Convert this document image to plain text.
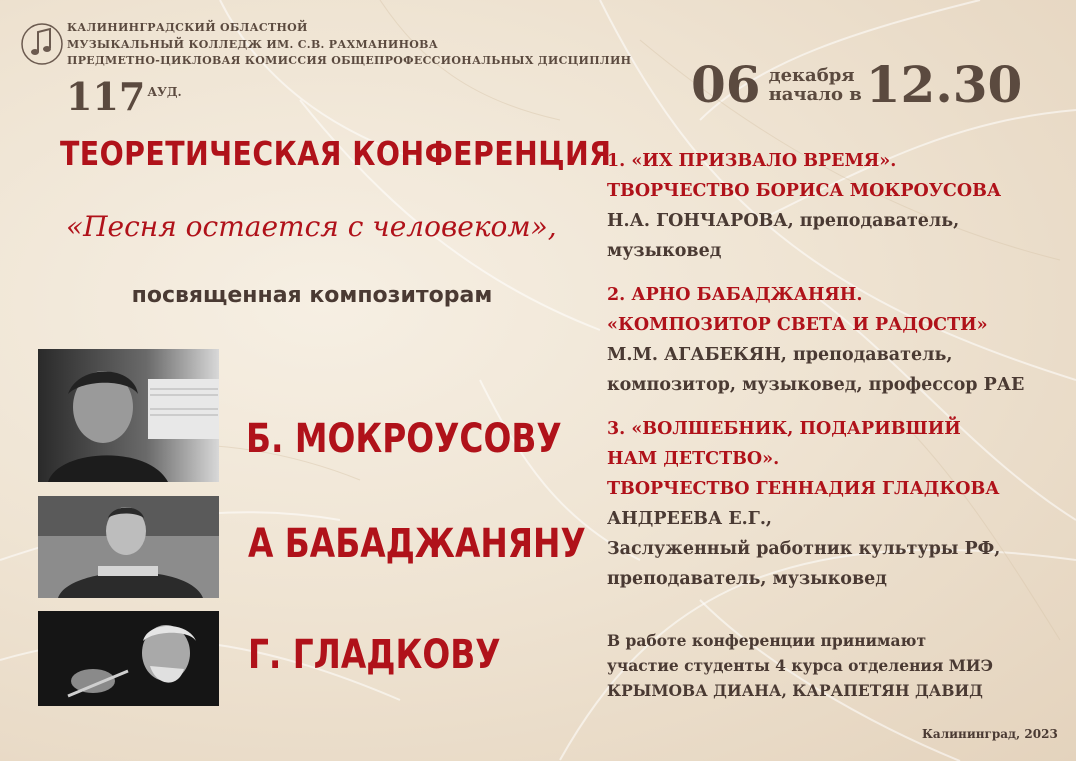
КАЛИНИНГРАДСКИЙ ОБЛАСТНОЙ
МУЗЫКАЛЬНЫЙ КОЛЛЕДЖ ИМ. С.В. РАХМАНИНОВА
ПРЕДМЕТНО-ЦИКЛОВАЯ КОМИССИЯ ОБЩЕПРОФЕССИОНАЛЬНЫХ ДИСЦИПЛИН
117 $^{АУД.}$	06 декабря
начало в 12.30
ТЕОРЕТИЧЕСКАЯ КОНФЕРЕНЦИЯ
«Песня остается с человеком»,
посвященная композиторам
Б. МОКРОУСОВУ
А БАБАДЖАНЯНУ
Г. ГЛАДКОВУ
1. «ИХ ПРИЗВАЛО ВРЕМЯ».
ТВОРЧЕСТВО БОРИСА МОКРОУСОВА
Н.А. ГОНЧАРОВА, преподаватель,
музыковед
2. АРНО БАБАДЖАНЯН.
«КОМПОЗИТОР СВЕТА И РАДОСТИ»
М.М. АГАБЕКЯН, преподаватель,
композитор, музыковед, профессор РАЕ
3. «ВОЛШЕБНИК, ПОДАРИВШИЙ
НАМ ДЕТСТВО».
ТВОРЧЕСТВО ГЕННАДИЯ ГЛАДКОВА
АНДРЕЕВА Е.Г.,
Заслуженный работник культуры РФ,
преподаватель, музыковед
В работе конференции принимают
участие студенты 4 курса отделения МИЭ
КРЫМОВА ДИАНА, КАРАПЕТЯН ДАВИД
Калининград, 2023
